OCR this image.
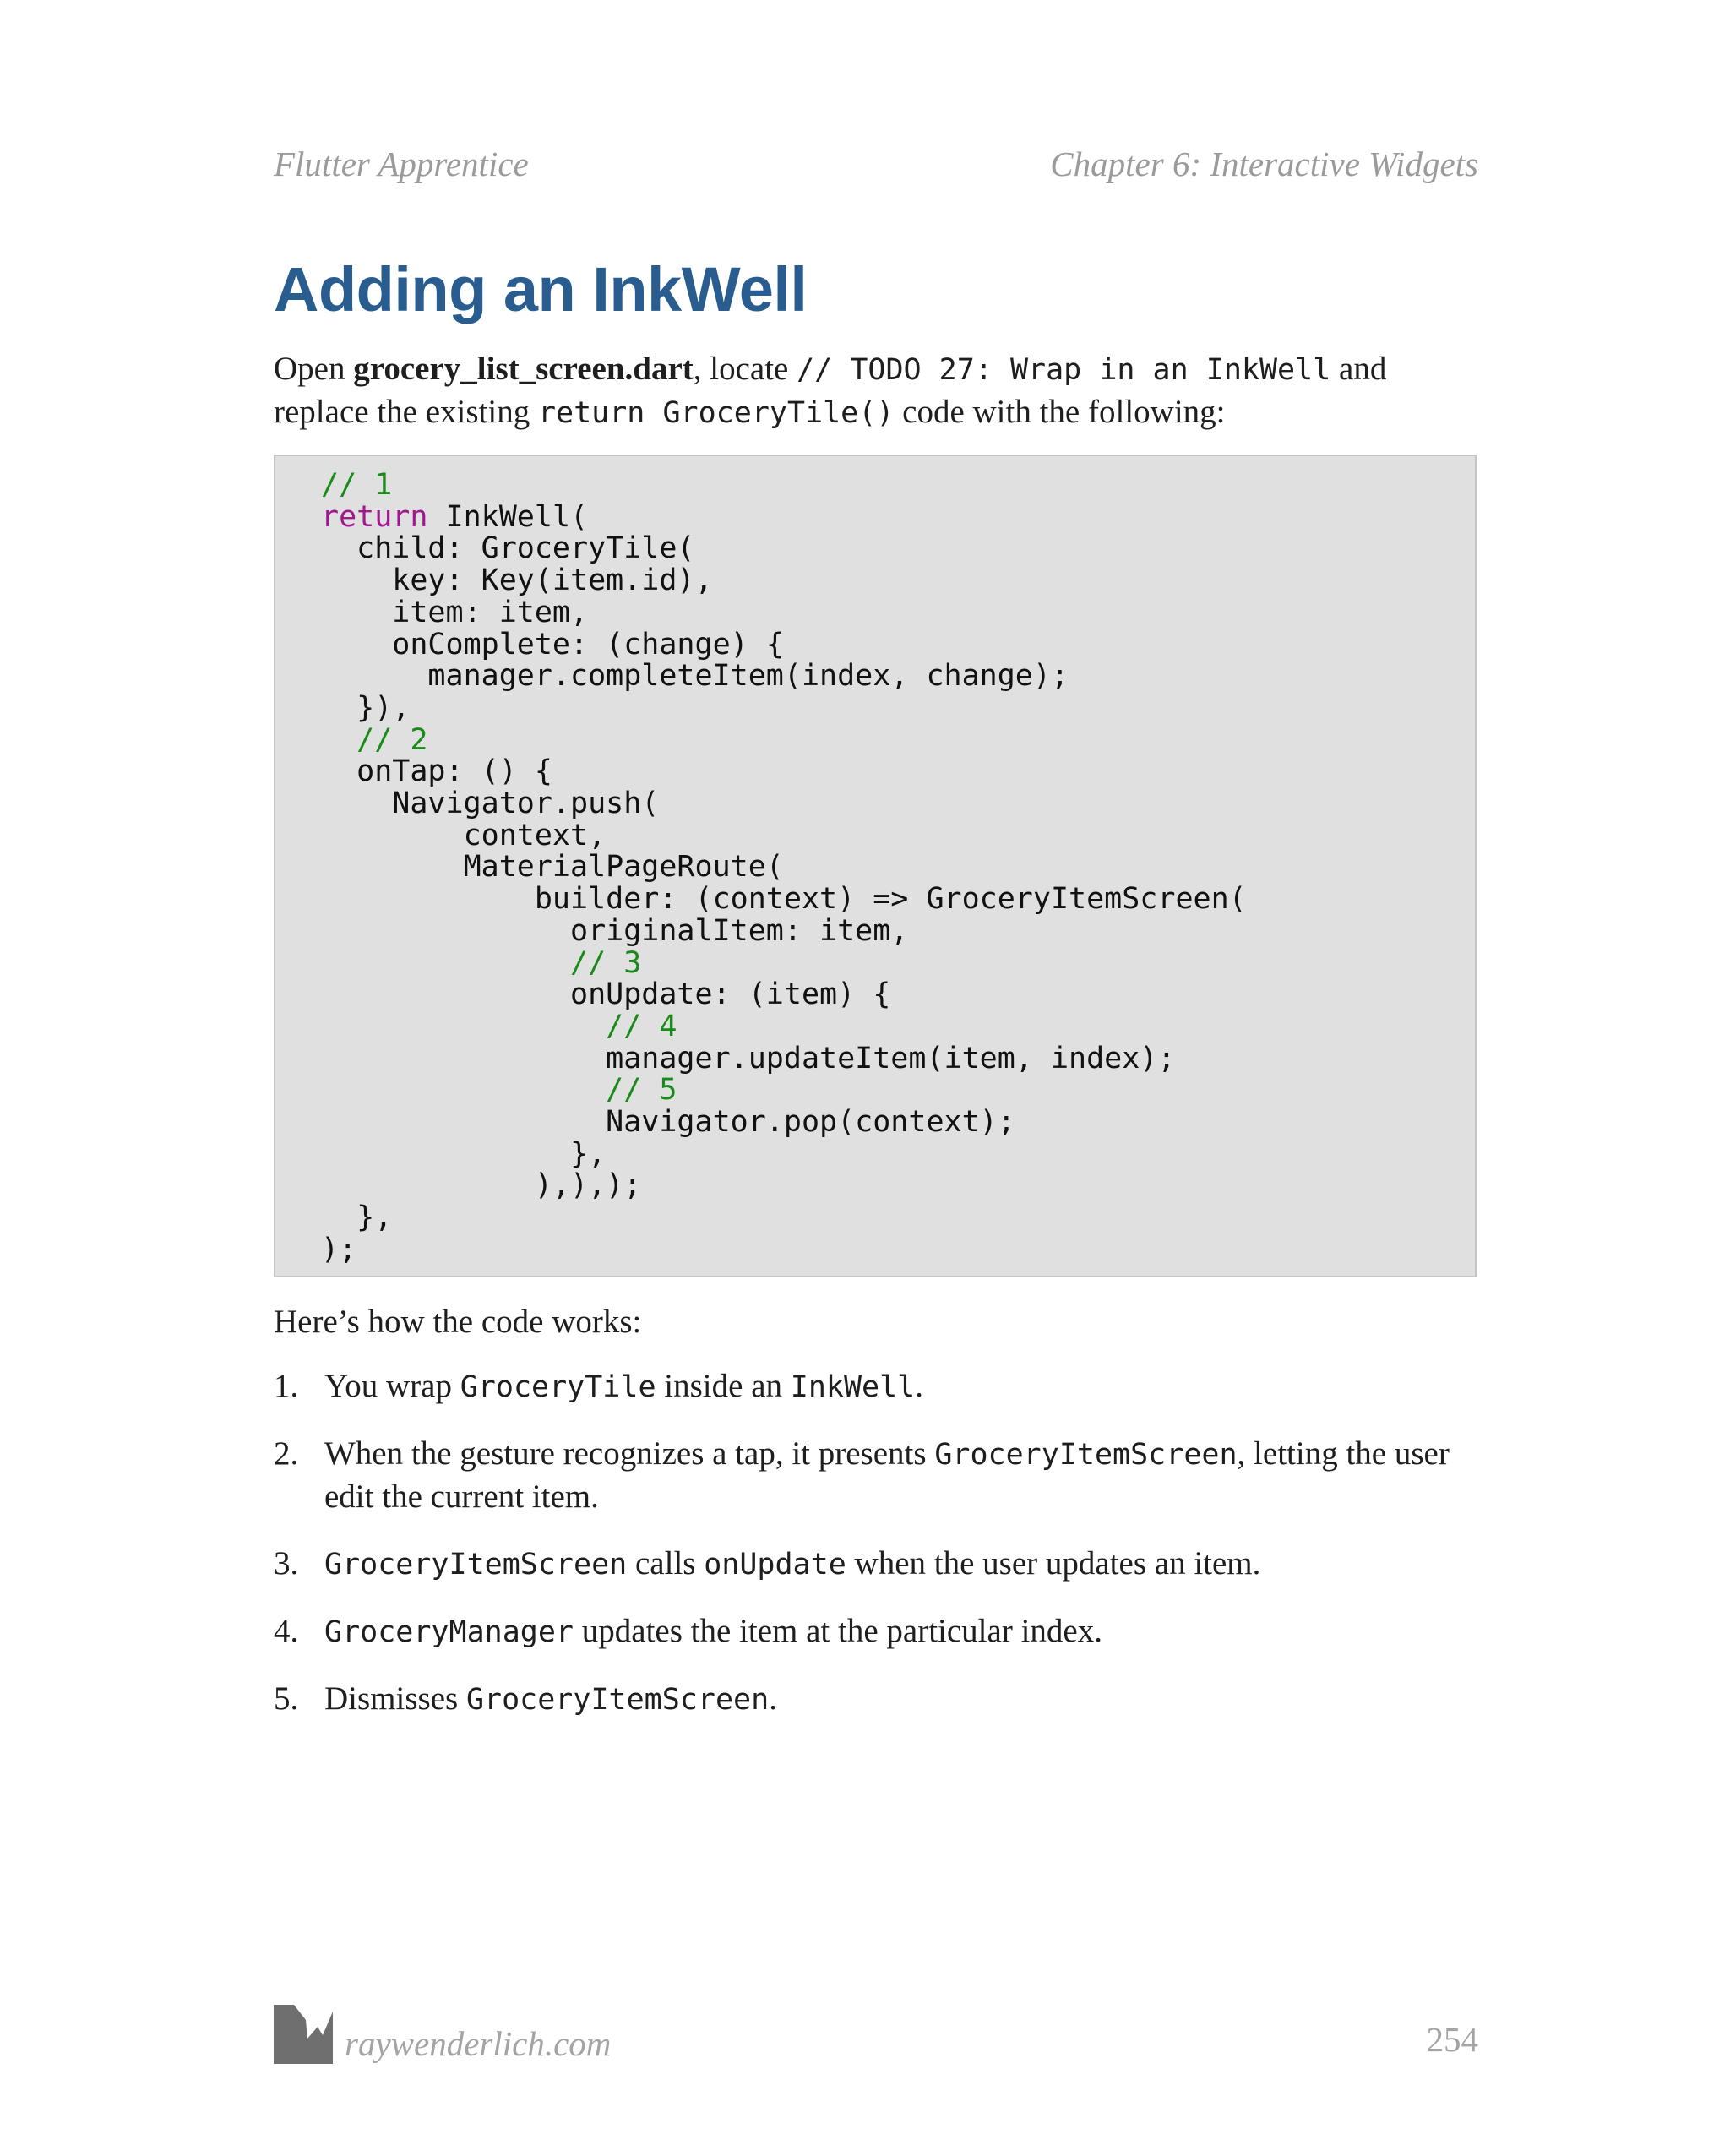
Flutter Apprentice	Chapter 6: Interactive Widgets
Adding an InkWell

Open grocery_list_screen.dart, locate // TODO 27: Wrap in an InkWell and replace the existing return GroceryTile() code with the following:

// 1
return InkWell(
child: GroceryTile(
key: Key(item.id),
item: item,
onComplete: (change) {
manager.completeItem(index, change);
}),
// 2
onTap: () {
Navigator.push(
context,
MaterialPageRoute(
builder: (context) => GroceryItemScreen(
originalItem: item,
// 3
onUpdate: (item) {
// 4
manager.updateItem(item, index);
// 5
Navigator.pop(context);
},
),),);
},
);

Here’s how the code works:

1. You wrap GroceryTile inside an InkWell.
2. When the gesture recognizes a tap, it presents GroceryItemScreen, letting the user edit the current item.
3. GroceryItemScreen calls onUpdate when the user updates an item.
4. GroceryManager updates the item at the particular index.
5. Dismisses GroceryItemScreen.
raywenderlich.com	254
